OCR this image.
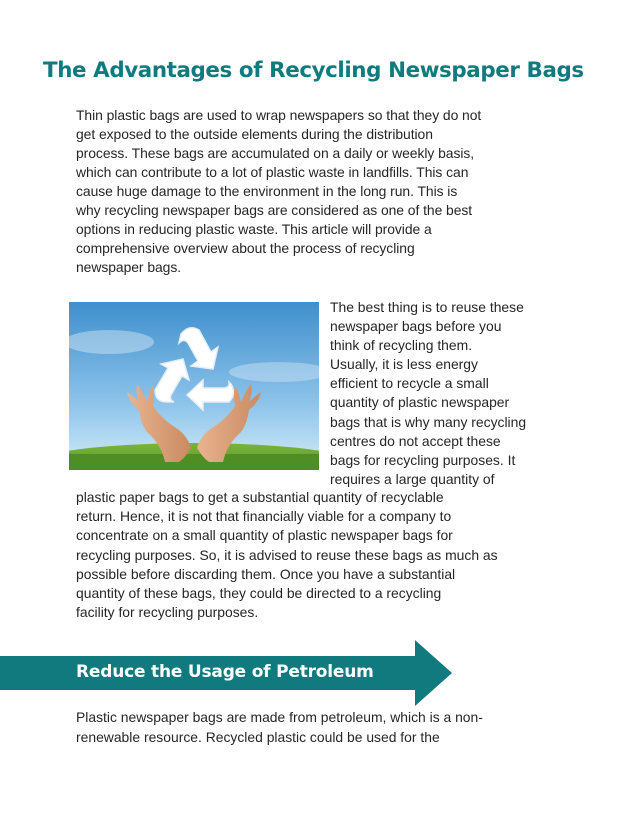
The Advantages of Recycling Newspaper Bags

Thin plastic bags are used to wrap newspapers so that they do not
get exposed to the outside elements during the distribution
process. These bags are accumulated on a daily or weekly basis,
which can contribute to a lot of plastic waste in landfills. This can
cause huge damage to the environment in the long run. This is
why recycling newspaper bags are considered as one of the best
options in reducing plastic waste. This article will provide a
comprehensive overview about the process of recycling
newspaper bags.

The best thing is to reuse these
newspaper bags before you
think of recycling them.
Usually, it is less energy
efficient to recycle a small
quantity of plastic newspaper
bags that is why many recycling
centres do not accept these
bags for recycling purposes. It
requires a large quantity of

plastic paper bags to get a substantial quantity of recyclable
return. Hence, it is not that financially viable for a company to
concentrate on a small quantity of plastic newspaper bags for
recycling purposes. So, it is advised to reuse these bags as much as
possible before discarding them. Once you have a substantial
quantity of these bags, they could be directed to a recycling
facility for recycling purposes.

Reduce the Usage of Petroleum

Plastic newspaper bags are made from petroleum, which is a non-
renewable resource. Recycled plastic could be used for the
